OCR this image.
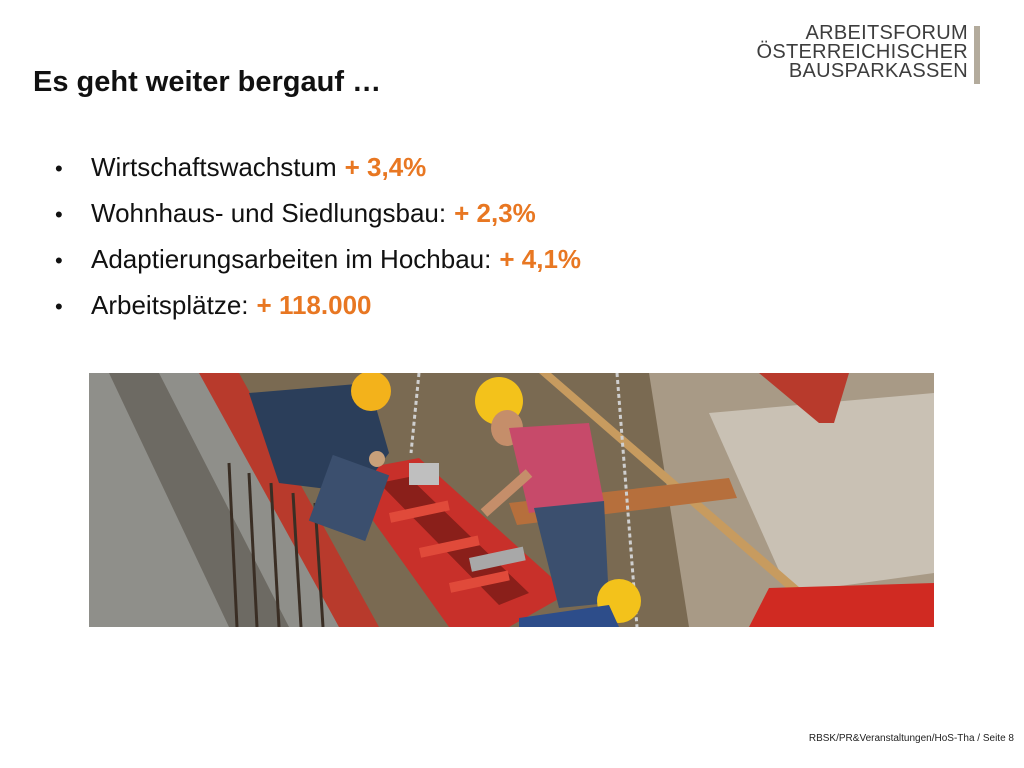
Es geht weiter bergauf …
ARBEITSFORUM
ÖSTERREICHISCHER
BAUSPARKASSEN
•	Wirtschaftswachstum + 3,4%
•	Wohnhaus- und Siedlungsbau: + 2,3%
•	Adaptierungsarbeiten im Hochbau: + 4,1%
•	Arbeitsplätze: + 118.000
RBSK/PR&Veranstaltungen/HoS-Tha / Seite 8
